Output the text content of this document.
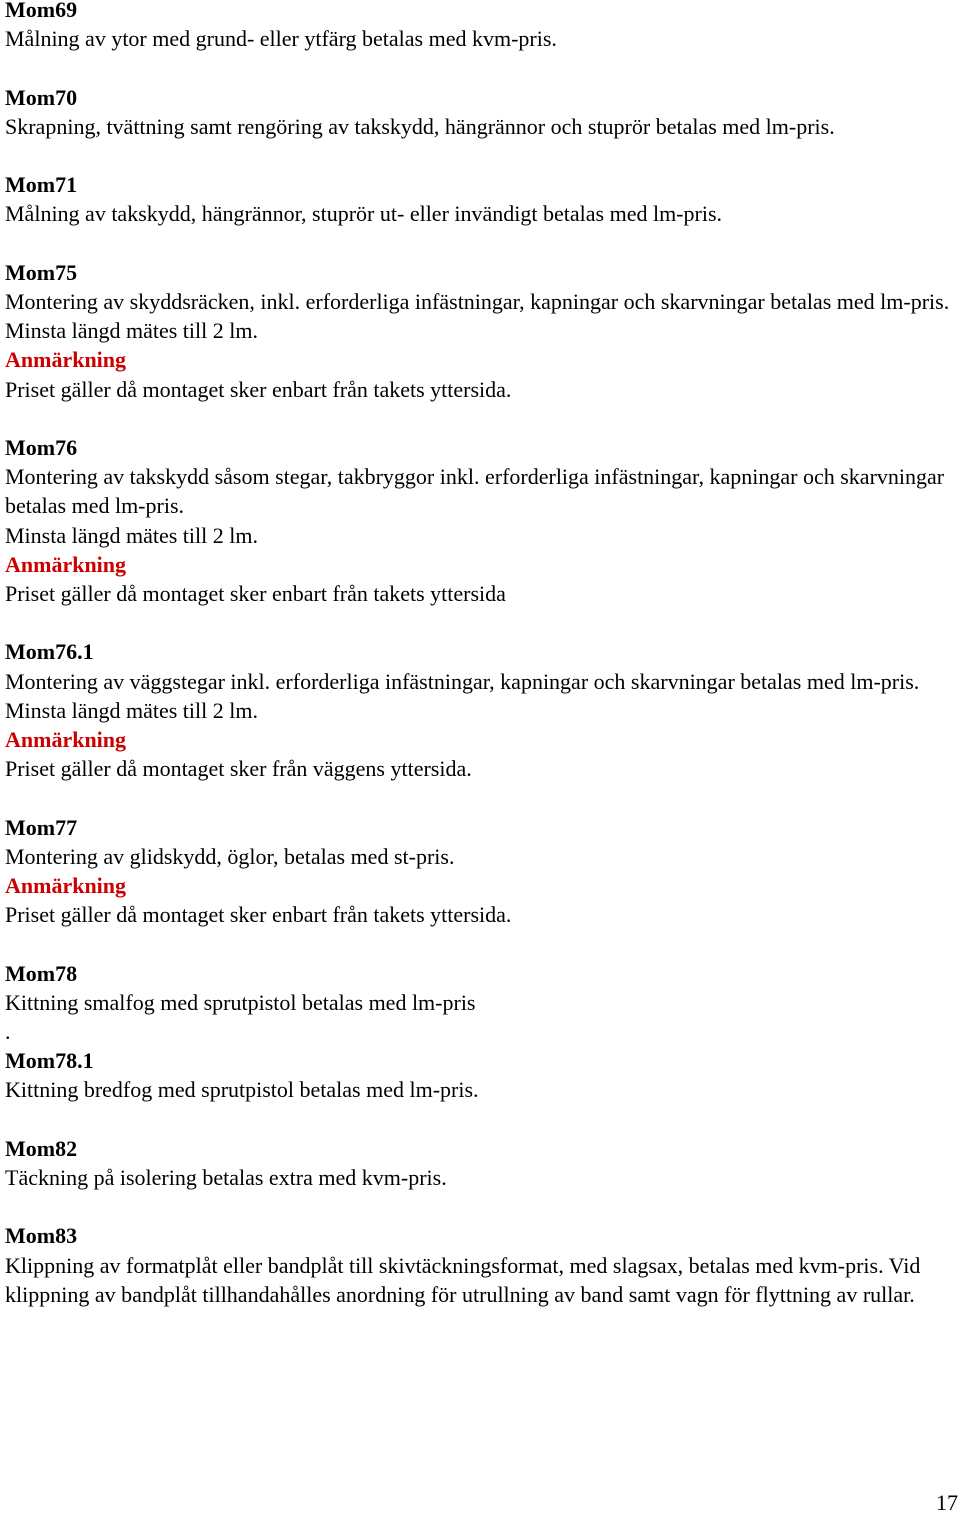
Mom69
Målning av ytor med grund- eller ytfärg betalas med kvm-pris.
Mom70
Skrapning, tvättning samt rengöring av takskydd, hängrännor och stuprör betalas med lm-pris.
Mom71
Målning av takskydd, hängrännor, stuprör ut- eller invändigt betalas med lm-pris.
Mom75
Montering av skyddsräcken, inkl. erforderliga infästningar, kapningar och skarvningar betalas med lm-pris.
Minsta längd mätes till 2 lm.
Anmärkning
Priset gäller då montaget sker enbart från takets yttersida.
Mom76
Montering av takskydd såsom stegar, takbryggor inkl. erforderliga infästningar, kapningar och skarvningar betalas med lm-pris.
Minsta längd mätes till 2 lm.
Anmärkning
Priset gäller då montaget sker enbart från takets yttersida
Mom76.1
Montering av väggstegar inkl. erforderliga infästningar, kapningar och skarvningar betalas med lm-pris.
Minsta längd mätes till 2 lm.
Anmärkning
Priset gäller då montaget sker från väggens yttersida.
Mom77
Montering av glidskydd, öglor, betalas med st-pris.
Anmärkning
Priset gäller då montaget sker enbart från takets yttersida.
Mom78
Kittning smalfog med sprutpistol betalas med lm-pris
.
Mom78.1
Kittning bredfog med sprutpistol betalas med lm-pris.
Mom82
Täckning på isolering betalas extra med kvm-pris.
Mom83
Klippning av formatplåt eller bandplåt till skivtäckningsformat, med slagsax, betalas med kvm-pris. Vid klippning av bandplåt tillhandahålles anordning för utrullning av band samt vagn för flyttning av rullar.
17
